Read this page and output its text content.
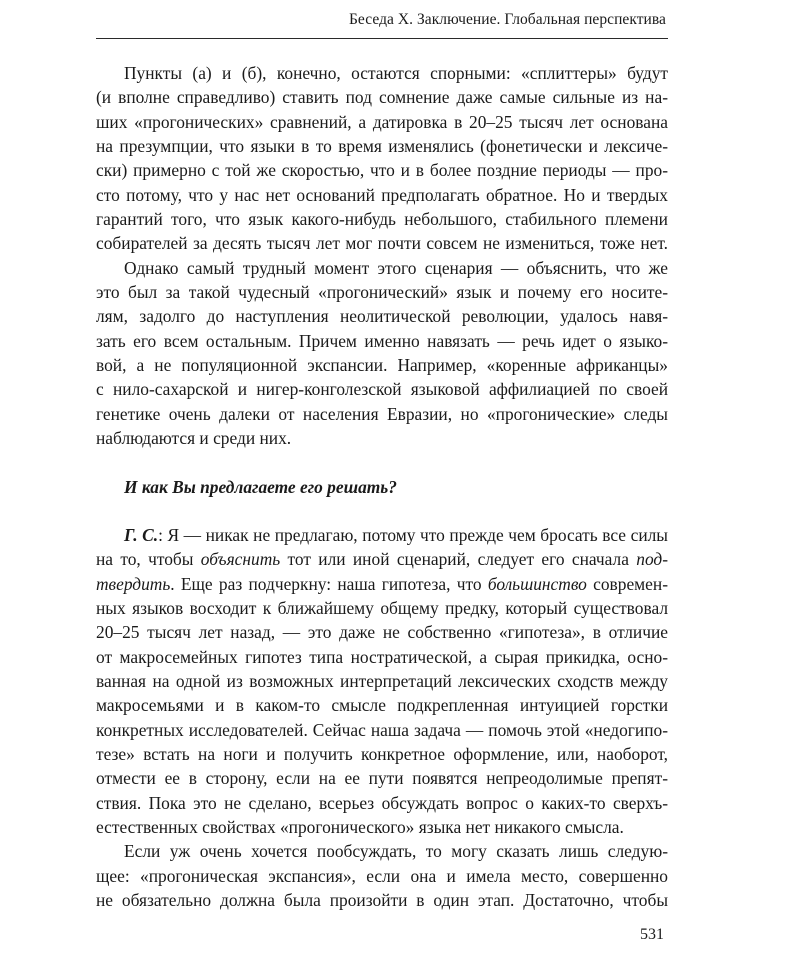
Беседа Х. Заключение. Глобальная перспектива
Пункты (а) и (б), конечно, остаются спорными: «сплиттеры» будут
(и вполне справедливо) ставить под сомнение даже самые сильные из на-
ших «прогонических» сравнений, а датировка в 20–25 тысяч лет основана
на презумпции, что языки в то время изменялись (фонетически и лексиче-
ски) примерно с той же скоростью, что и в более поздние периоды — про-
сто потому, что у нас нет оснований предполагать обратное. Но и твердых
гарантий того, что язык какого-нибудь небольшого, стабильного племени
собирателей за десять тысяч лет мог почти совсем не измениться, тоже нет.
Однако самый трудный момент этого сценария — объяснить, что же
это был за такой чудесный «прогонический» язык и почему его носите-
лям, задолго до наступления неолитической революции, удалось навя-
зать его всем остальным. Причем именно навязать — речь идет о языко-
вой, а не популяционной экспансии. Например, «коренные африканцы»
с нило-сахарской и нигер-конголезской языковой аффилиацией по своей
генетике очень далеки от населения Евразии, но «прогонические» следы
наблюдаются и среди них.
И как Вы предлагаете его решать?
Г. С.: Я — никак не предлагаю, потому что прежде чем бросать все силы
на то, чтобы объяснить тот или иной сценарий, следует его сначала под-
твердить. Еще раз подчеркну: наша гипотеза, что большинство современ-
ных языков восходит к ближайшему общему предку, который существовал
20–25 тысяч лет назад, — это даже не собственно «гипотеза», в отличие
от макросемейных гипотез типа ностратической, а сырая прикидка, осно-
ванная на одной из возможных интерпретаций лексических сходств между
макросемьями и в каком-то смысле подкрепленная интуицией горстки
конкретных исследователей. Сейчас наша задача — помочь этой «недогипо-
тезе» встать на ноги и получить конкретное оформление, или, наоборот,
отмести ее в сторону, если на ее пути появятся непреодолимые препят-
ствия. Пока это не сделано, всерьез обсуждать вопрос о каких-то сверхъ-
естественных свойствах «прогонического» языка нет никакого смысла.
Если уж очень хочется пообсуждать, то могу сказать лишь следую-
щее: «прогоническая экспансия», если она и имела место, совершенно
не обязательно должна была произойти в один этап. Достаточно, чтобы
531
